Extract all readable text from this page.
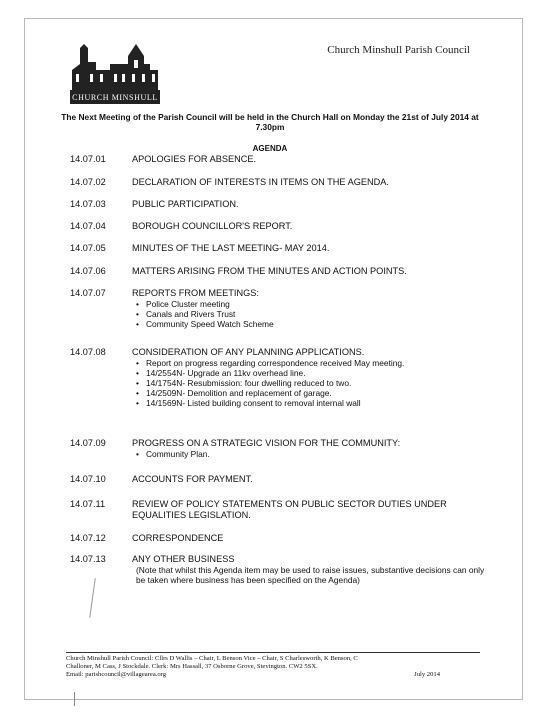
CHURCH MINSHULL
Church Minshull Parish Council
The Next Meeting of the Parish Council will be held in the Church Hall on Monday the 21st of July 2014 at 7.30pm
AGENDA
14.07.01	APOLOGIES FOR ABSENCE.
14.07.02	DECLARATION OF INTERESTS IN ITEMS ON THE AGENDA.
14.07.03	PUBLIC PARTICIPATION.
14.07.04	BOROUGH COUNCILLOR'S REPORT.
14.07.05	MINUTES OF THE LAST MEETING- MAY 2014.
14.07.06	MATTERS ARISING FROM THE MINUTES AND ACTION POINTS.
14.07.07	REPORTS FROM MEETINGS:
• Police Cluster meeting
• Canals and Rivers Trust
• Community Speed Watch Scheme
14.07.08	CONSIDERATION OF ANY PLANNING APPLICATIONS.
• Report on progress regarding correspondence received May meeting.
• 14/2554N- Upgrade an 11kv overhead line.
• 14/1754N- Resubmission: four dwelling reduced to two.
• 14/2509N- Demolition and replacement of garage.
• 14/1569N- Listed building consent to removal internal wall
14.07.09	PROGRESS ON A STRATEGIC VISION FOR THE COMMUNITY:
• Community Plan.
14.07.10	ACCOUNTS FOR PAYMENT.
14.07.11	REVIEW OF POLICY STATEMENTS ON PUBLIC SECTOR DUTIES UNDER EQUALITIES LEGISLATION.
14.07.12	CORRESPONDENCE
14.07.13	ANY OTHER BUSINESS
(Note that whilst this Agenda item may be used to raise issues, substantive decisions can only be taken where business has been specified on the Agenda)
Church Minshull Parish Council: Cllrs D Wallis – Chair, L Benson Vice – Chair, S Charlesworth, K Benson, C
Challoner, M Cass, J Stockdale. Clerk: Mrs Hassall, 37 Osborne Grove, Stevington. CW2 5SX.
Email: parishcouncil@villagearea.org	July 2014
